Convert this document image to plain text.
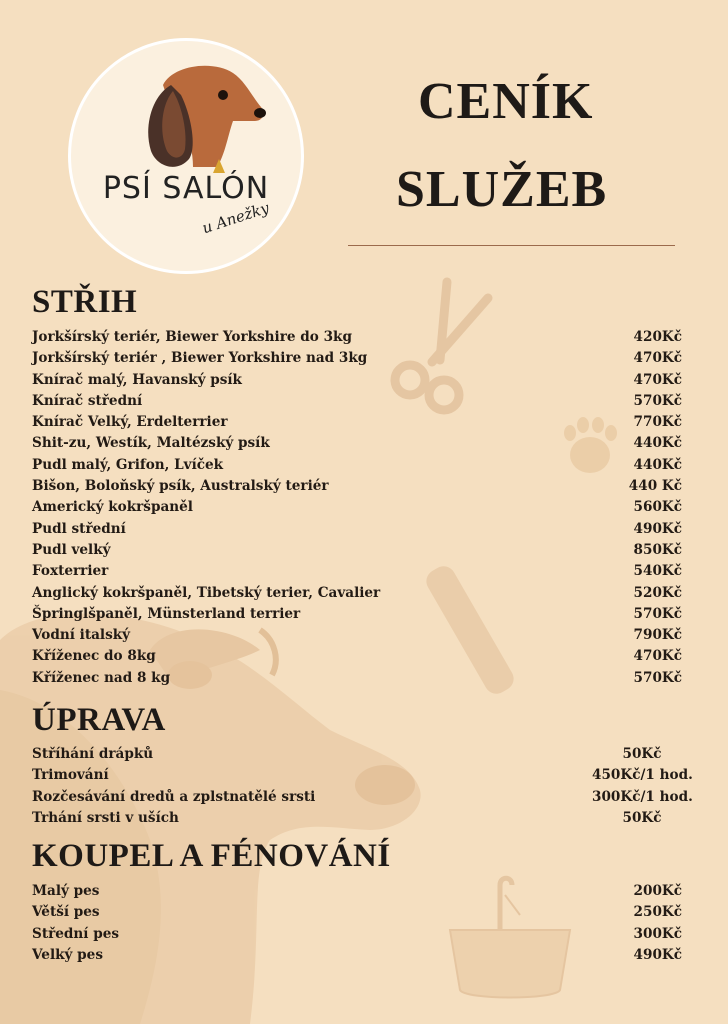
PSÍ SALÓN

u Anežky
CENÍK
SLUŽEB
STŘIH
Jorkšírský teriér, Biewer Yorkshire do 3kg	420Kč
Jorkšírský teriér , Biewer Yorkshire nad 3kg	470Kč
Knírač malý, Havanský psík	470Kč
Knírač střední	570Kč
Knírač Velký, Erdelterrier	770Kč
Shit-zu, Westík, Maltézský psík	440Kč
Pudl malý, Grifon, Lvíček	440Kč
Bišon, Boloňský psík, Australský teriér	440 Kč
Americký kokršpaněl	560Kč
Pudl střední	490Kč
Pudl velký	850Kč
Foxterrier	540Kč
Anglický kokršpaněl, Tibetský terier, Cavalier	520Kč
Špringlšpaněl, Münsterland terrier	570Kč
Vodní italský	790Kč
Kříženec do 8kg	470Kč
Kříženec nad 8 kg	570Kč
ÚPRAVA
Stříhání drápků	50Kč
Trimování	450Kč/1 hod.
Rozčesávání dredů a zplstnatělé srsti	300Kč/1 hod.
Trhání srsti v uších	50Kč
KOUPEL A FÉNOVÁNÍ
Malý pes	200Kč
Větší pes	250Kč
Střední pes	300Kč
Velký pes	490Kč
